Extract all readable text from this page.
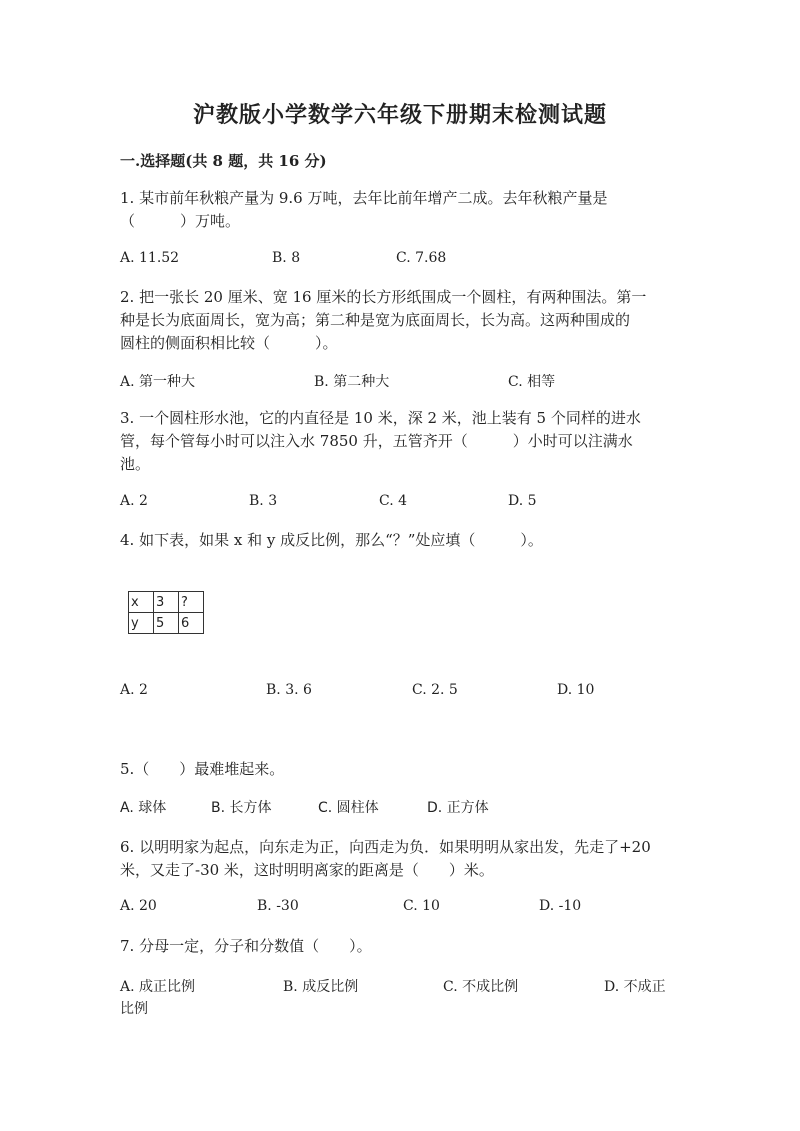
沪教版小学数学六年级下册期末检测试题
一.选择题(共 8 题，共 16 分)
1. 某市前年秋粮产量为 9.6 万吨，去年比前年增产二成。去年秋粮产量是
（　　　）万吨。
A. 11.52	B. 8	C. 7.68
2. 把一张长 20 厘米、宽 16 厘米的长方形纸围成一个圆柱，有两种围法。第一
种是长为底面周长，宽为高；第二种是宽为底面周长，长为高。这两种围成的
圆柱的侧面积相比较（　　　）。
A. 第一种大	B. 第二种大	C. 相等
3. 一个圆柱形水池，它的内直径是 10 米，深 2 米，池上装有 5 个同样的进水
管，每个管每小时可以注入水 7850 升，五管齐开（　　　）小时可以注满水
池。
A. 2	B. 3	C. 4	D. 5
4. 如下表，如果 x 和 y 成反比例，那么“？”处应填（　　　）。
x	3	?
y	5	6
A. 2	B. 3. 6	C. 2. 5	D. 10
5.（　　）最难堆起来。
A. 球体	B. 长方体	C. 圆柱体	D. 正方体
6. 以明明家为起点，向东走为正，向西走为负．如果明明从家出发，先走了+20
米，又走了-30 米，这时明明离家的距离是（　　）米。
A. 20	B. -30	C. 10	D. -10
7. 分母一定，分子和分数值（　　）。
A. 成正比例	B. 成反比例	C. 不成比例	D. 不成正
比例
